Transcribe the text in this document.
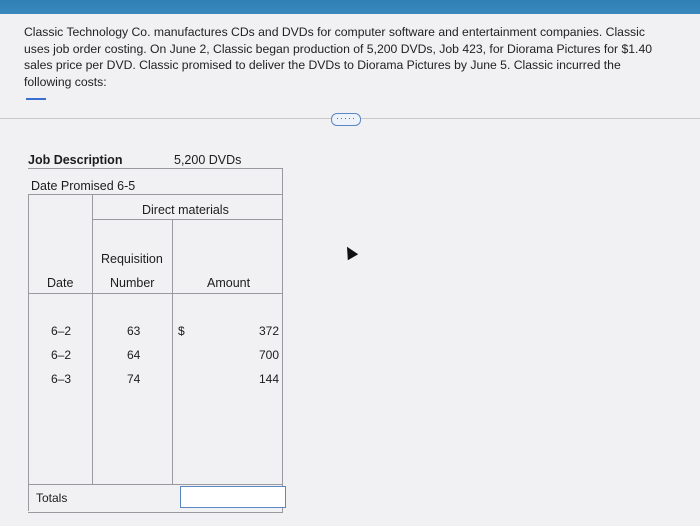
Classic Technology Co. manufactures CDs and DVDs for computer software and entertainment companies. Classic
uses job order costing. On June 2, Classic began production of 5,200 DVDs, Job 423, for Diorama Pictures for $1.40
sales price per DVD. Classic promised to deliver the DVDs to Diorama Pictures by June 5. Classic incurred the
following costs:
·····
Job Description	5,200 DVDs
Date Promised 6-5
Direct materials
Requisition
Date	Number	Amount
$
6–2	63	372
6–2	64	700
6–3	74	144
Totals
